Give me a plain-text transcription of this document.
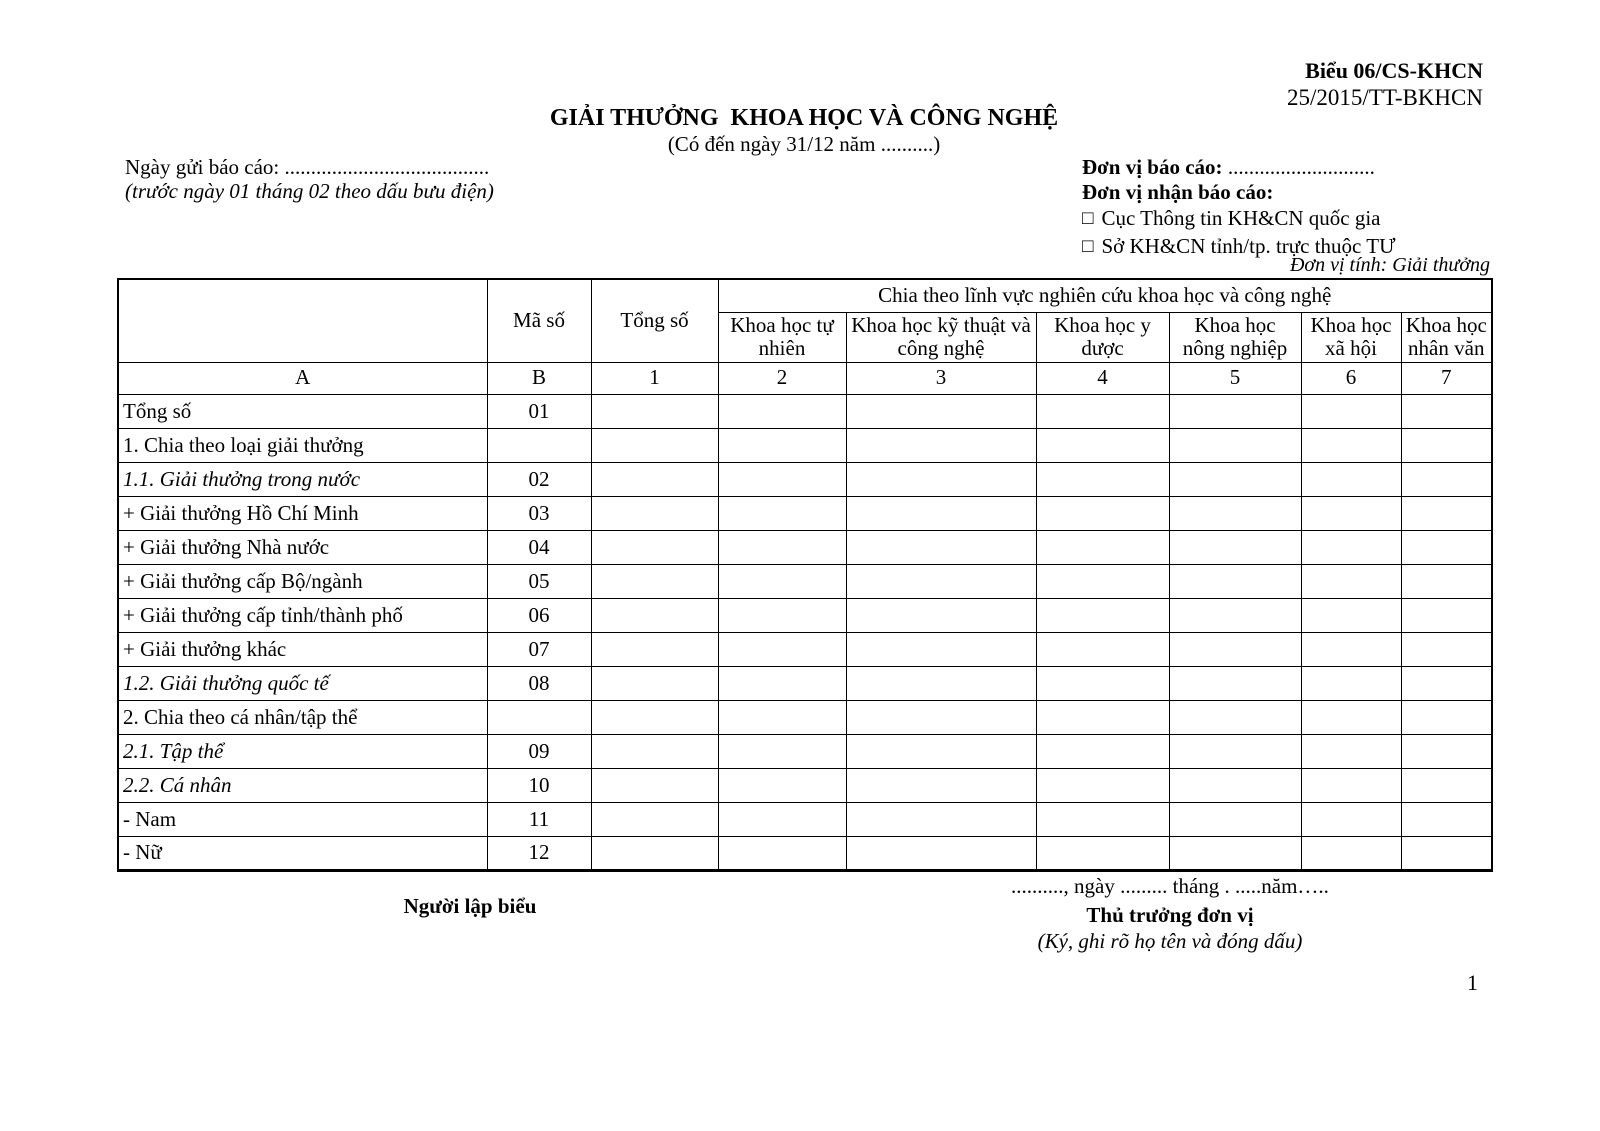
Biểu 06/CS-KHCN
25/2015/TT-BKHCN
GIẢI THƯỞNG  KHOA HỌC VÀ CÔNG NGHỆ
(Có đến ngày 31/12 năm ..........)
Ngày gửi báo cáo: .......................................
(trước ngày 01 tháng 02 theo dấu bưu điện)
Đơn vị báo cáo: ............................
Đơn vị nhận báo cáo:
□ Cục Thông tin KH&CN quốc gia
□ Sở KH&CN tỉnh/tp. trực thuộc TƯ
Đơn vị tính: Giải thưởng
	Mã số	Tổng số	Chia theo lĩnh vực nghiên cứu khoa học và công nghệ					
			Khoa học tự nhiên	Khoa học kỹ thuật và công nghệ	Khoa học y dược	Khoa học nông nghiệp	Khoa học xã hội	Khoa học nhân văn
A	B	1	2	3	4	5	6	7
Tổng số	01							
1. Chia theo loại giải thưởng								
1.1. Giải thưởng trong nước	02							
+ Giải thưởng Hồ Chí Minh	03							
+ Giải thưởng Nhà nước	04							
+ Giải thưởng cấp Bộ/ngành	05							
+ Giải thưởng cấp tỉnh/thành phố	06							
+ Giải thưởng khác	07							
1.2. Giải thưởng quốc tế	08							
2. Chia theo cá nhân/tập thể								
2.1. Tập thể	09							
2.2. Cá nhân	10							
- Nam	11							
- Nữ	12							
.........., ngày ......... tháng . .....năm…..
Người lập biểu	Thủ trưởng đơn vị
(Ký, ghi rõ họ tên và đóng dấu)
1
